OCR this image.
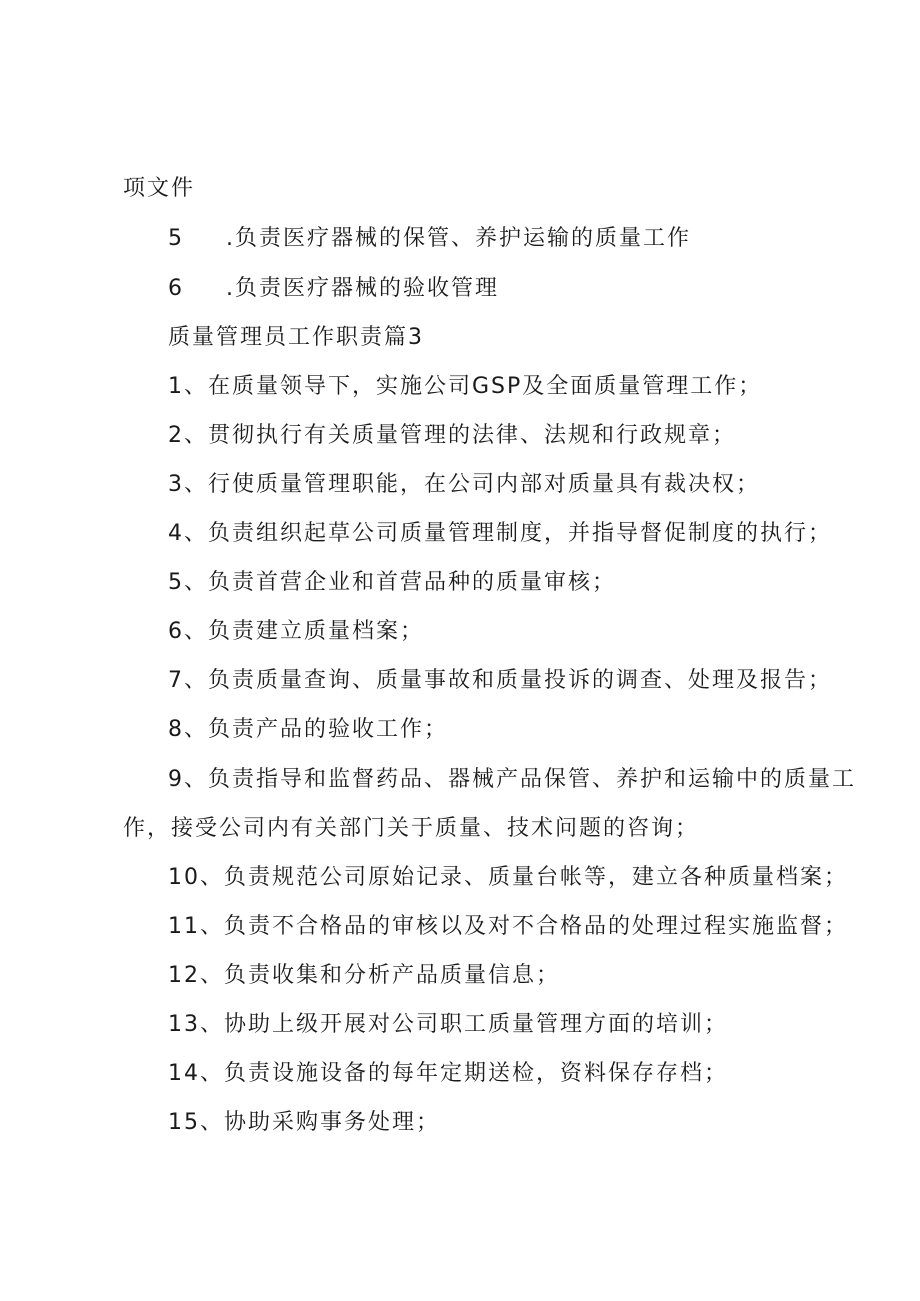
项文件
5 .负责医疗器械的保管、养护运输的质量工作
6 .负责医疗器械的验收管理
质量管理员工作职责篇3
1、在质量领导下，实施公司GSP及全面质量管理工作；
2、贯彻执行有关质量管理的法律、法规和行政规章；
3、行使质量管理职能，在公司内部对质量具有裁决权；
4、负责组织起草公司质量管理制度，并指导督促制度的执行；
5、负责首营企业和首营品种的质量审核；
6、负责建立质量档案；
7、负责质量查询、质量事故和质量投诉的调查、处理及报告；
8、负责产品的验收工作；
9、负责指导和监督药品、器械产品保管、养护和运输中的质量工
作，接受公司内有关部门关于质量、技术问题的咨询；
10、负责规范公司原始记录、质量台帐等，建立各种质量档案；
11、负责不合格品的审核以及对不合格品的处理过程实施监督；
12、负责收集和分析产品质量信息；
13、协助上级开展对公司职工质量管理方面的培训；
14、负责设施设备的每年定期送检，资料保存存档；
15、协助采购事务处理；
